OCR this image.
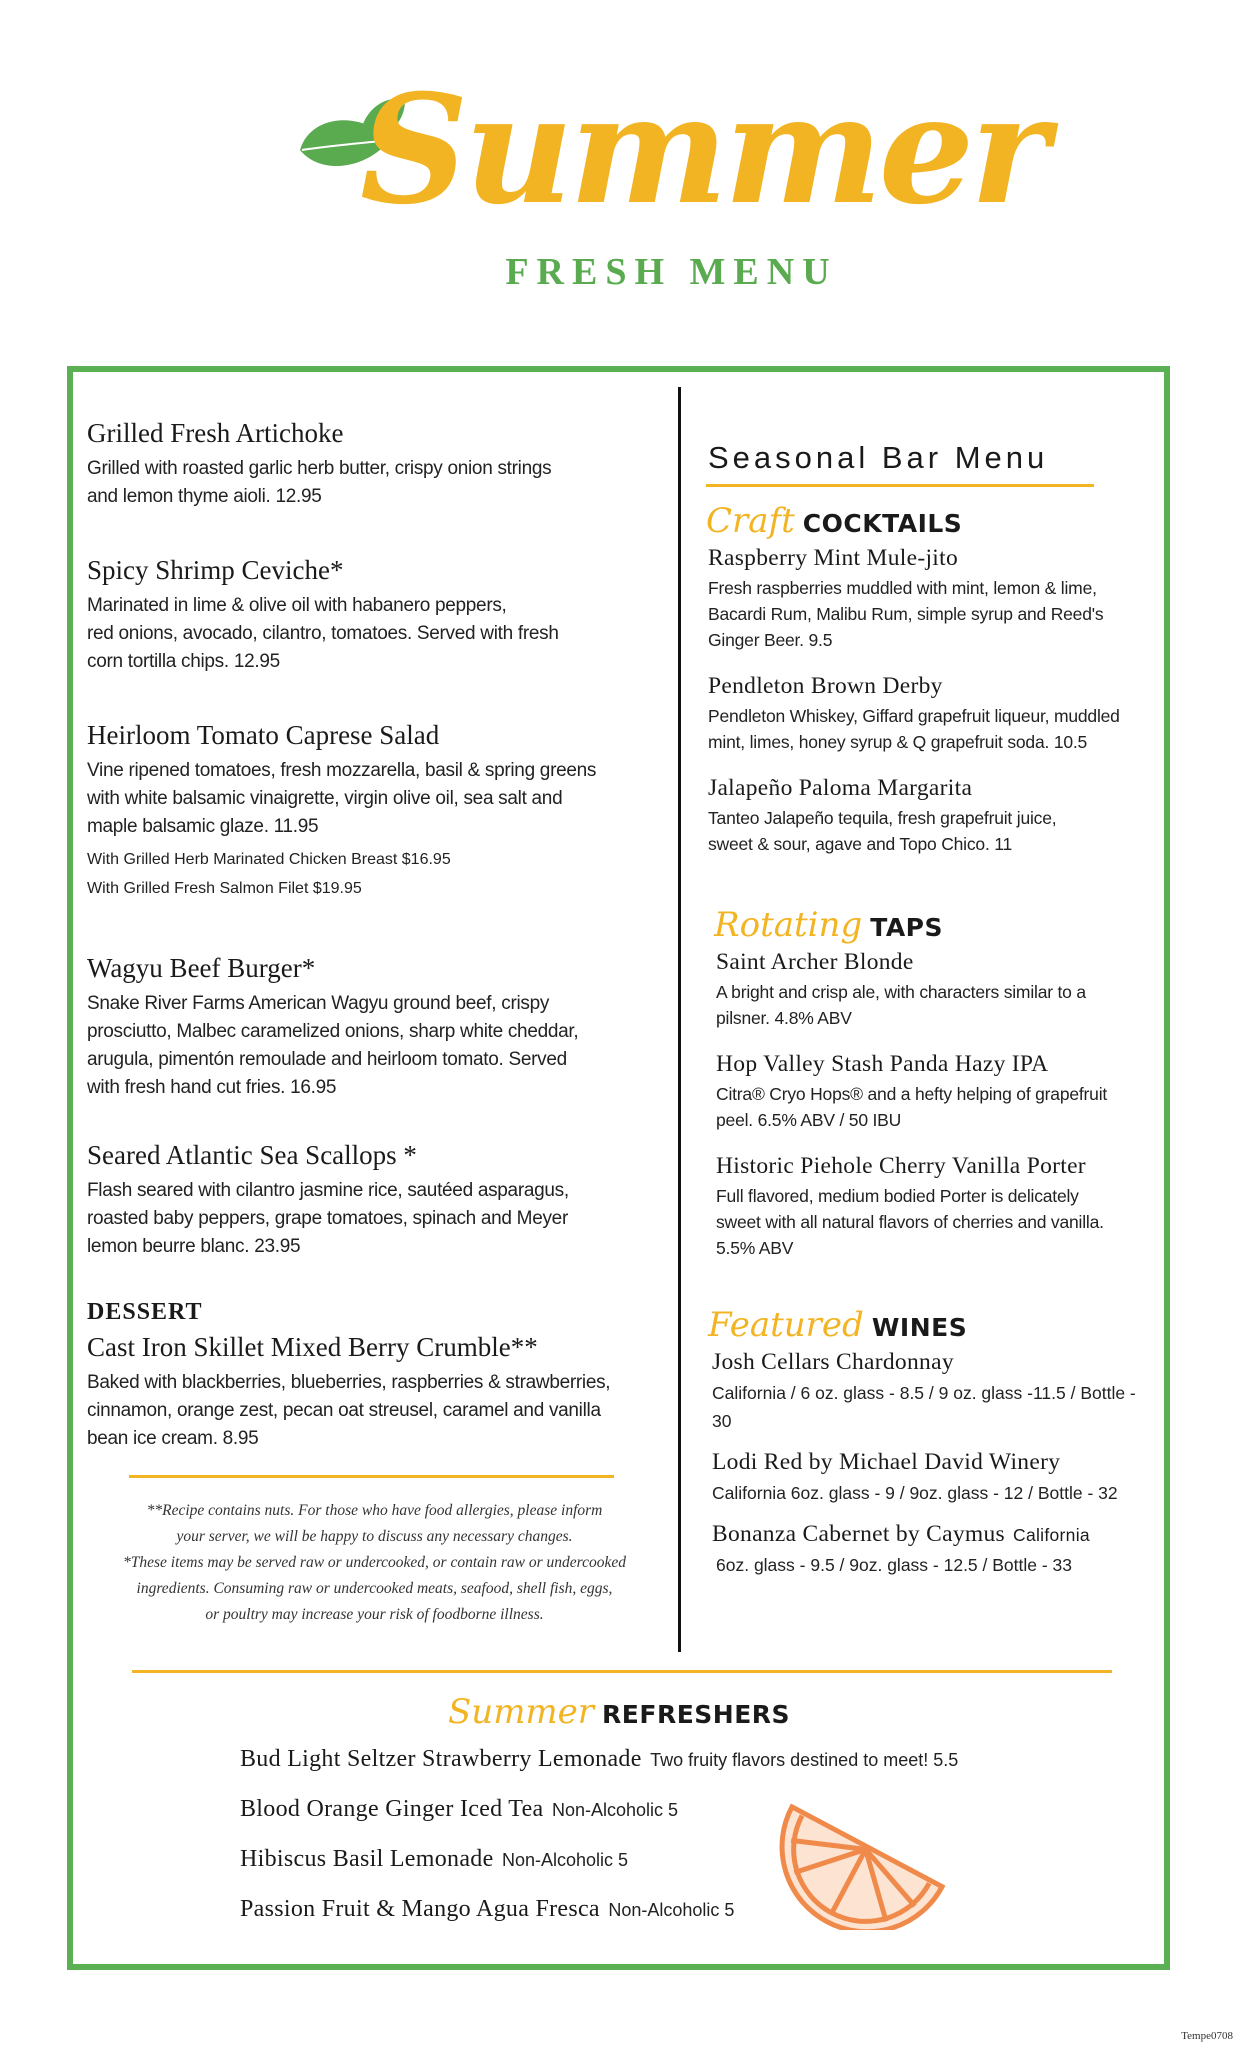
Summer
FRESH MENU
Grilled Fresh Artichoke
Grilled with roasted garlic herb butter, crispy onion strings
and lemon thyme aioli. 12.95
Spicy Shrimp Ceviche*
Marinated in lime & olive oil with habanero peppers,
red onions, avocado, cilantro, tomatoes. Served with fresh
corn tortilla chips. 12.95
Heirloom Tomato Caprese Salad
Vine ripened tomatoes, fresh mozzarella, basil & spring greens
with white balsamic vinaigrette, virgin olive oil, sea salt and
maple balsamic glaze. 11.95
With Grilled Herb Marinated Chicken Breast $16.95
With Grilled Fresh Salmon Filet $19.95
Wagyu Beef Burger*
Snake River Farms American Wagyu ground beef, crispy
prosciutto, Malbec caramelized onions, sharp white cheddar,
arugula, pimentón remoulade and heirloom tomato. Served
with fresh hand cut fries. 16.95
Seared Atlantic Sea Scallops *
Flash seared with cilantro jasmine rice, sautéed asparagus,
roasted baby peppers, grape tomatoes, spinach and Meyer
lemon beurre blanc. 23.95
DESSERT
Cast Iron Skillet Mixed Berry Crumble**
Baked with blackberries, blueberries, raspberries & strawberries,
cinnamon, orange zest, pecan oat streusel, caramel and vanilla
bean ice cream. 8.95
**Recipe contains nuts. For those who have food allergies, please inform
your server, we will be happy to discuss any necessary changes.
*These items may be served raw or undercooked, or contain raw or undercooked
ingredients. Consuming raw or undercooked meats, seafood, shell fish, eggs,
or poultry may increase your risk of foodborne illness.
Seasonal Bar Menu
Craft COCKTAILS
Raspberry Mint Mule-jito
Fresh raspberries muddled with mint, lemon & lime,
Bacardi Rum, Malibu Rum, simple syrup and Reed's
Ginger Beer. 9.5
Pendleton Brown Derby
Pendleton Whiskey, Giffard grapefruit liqueur, muddled
mint, limes, honey syrup & Q grapefruit soda. 10.5
Jalapeño Paloma Margarita
Tanteo Jalapeño tequila, fresh grapefruit juice,
sweet & sour, agave and Topo Chico. 11
Rotating TAPS
Saint Archer Blonde
A bright and crisp ale, with characters similar to a
pilsner. 4.8% ABV
Hop Valley Stash Panda Hazy IPA
Citra® Cryo Hops® and a hefty helping of grapefruit
peel. 6.5% ABV / 50 IBU
Historic Piehole Cherry Vanilla Porter
Full flavored, medium bodied Porter is delicately
sweet with all natural flavors of cherries and vanilla.
5.5% ABV
Featured WINES
Josh Cellars Chardonnay
California / 6 oz. glass - 8.5 / 9 oz. glass -11.5 / Bottle - 30
Lodi Red by Michael David Winery
California 6oz. glass - 9 / 9oz. glass - 12 / Bottle - 32
Bonanza Cabernet by Caymus California
6oz. glass - 9.5 / 9oz. glass - 12.5 / Bottle - 33
Summer REFRESHERS
Bud Light Seltzer Strawberry Lemonade Two fruity flavors destined to meet! 5.5
Blood Orange Ginger Iced Tea Non-Alcoholic 5
Hibiscus Basil Lemonade Non-Alcoholic 5
Passion Fruit & Mango Agua Fresca Non-Alcoholic 5
Tempe0708
